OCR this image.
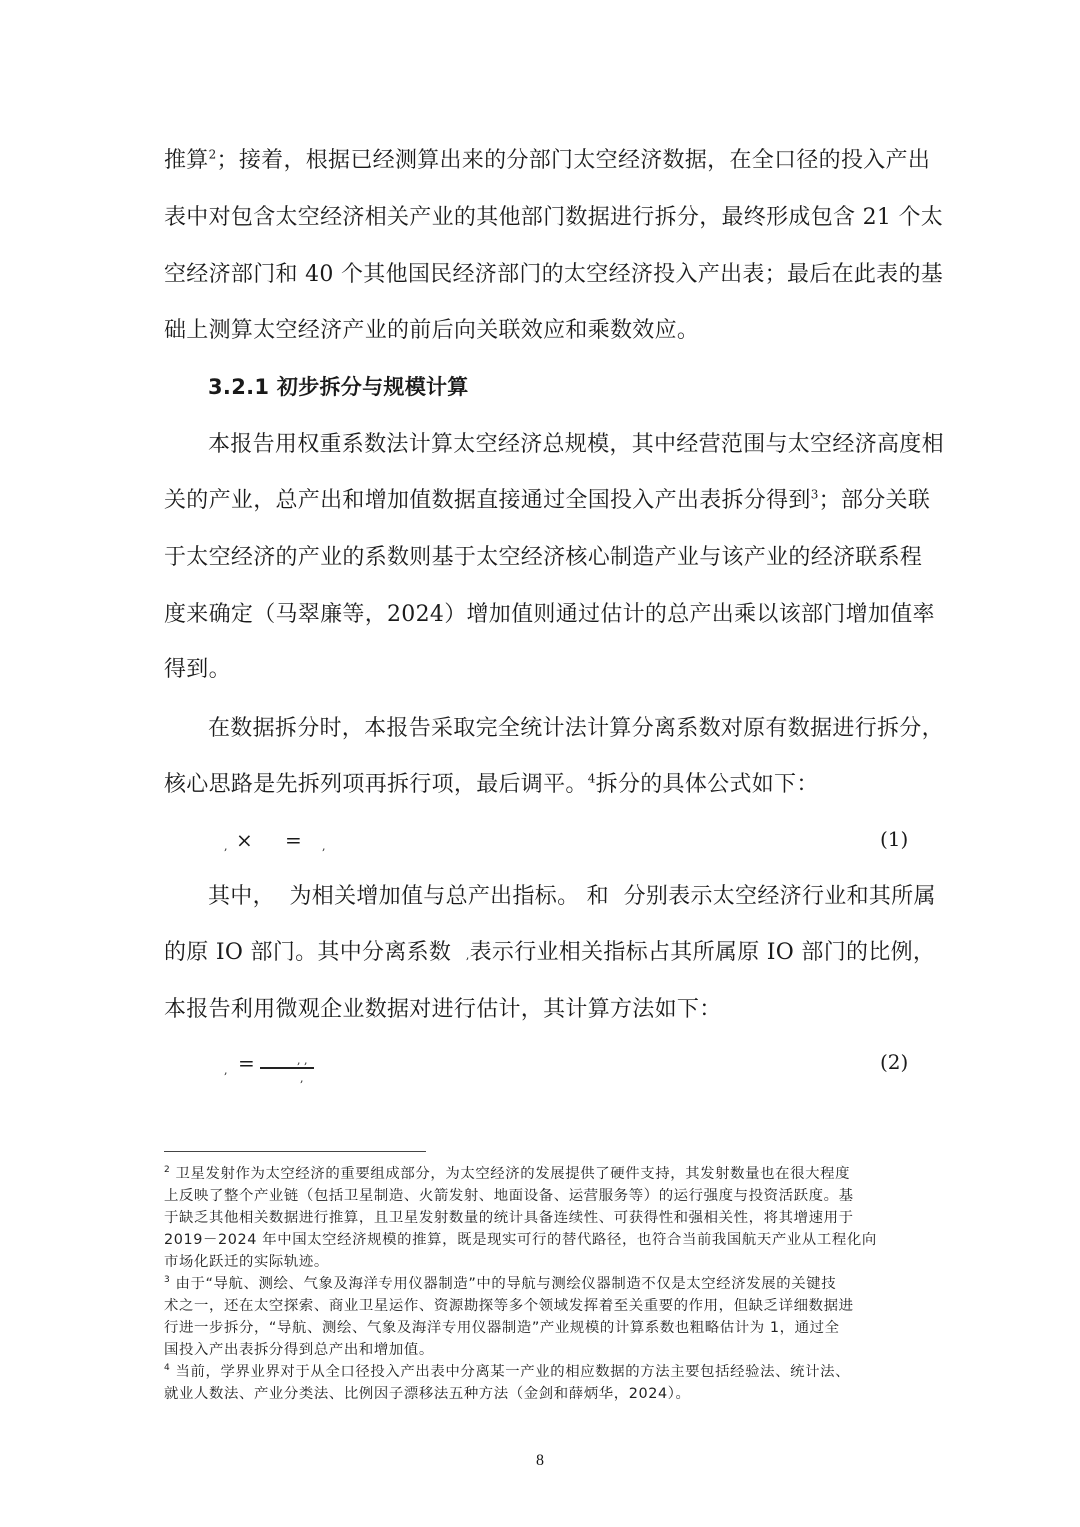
推算$^2$；接着，根据已经测算出来的分部门太空经济数据，在全口径的投入产出
表中对包含太空经济相关产业的其他部门数据进行拆分，最终形成包含 21 个太
空经济部门和 40 个其他国民经济部门的太空经济投入产出表；最后在此表的基
础上测算太空经济产业的前后向关联效应和乘数效应。
3.2.1 初步拆分与规模计算
本报告用权重系数法计算太空经济总规模，其中经营范围与太空经济高度相
关的产业，总产出和增加值数据直接通过全国投入产出表拆分得到$^3$；部分关联
于太空经济的产业的系数则基于太空经济核心制造产业与该产业的经济联系程
度来确定（马翠廉等，2024）增加值则通过估计的总产出乘以该部门增加值率
得到。
在数据拆分时，本报告采取完全统计法计算分离系数对原有数据进行拆分，
核心思路是先拆列项再拆行项，最后调平。$^4$拆分的具体公式如下：
, × = ,	(1)
其中，  为相关增加值与总产出指标。 和  分别表示太空经济行业和其所属
的原 IO 部门。其中分离系数  ,表示行业相关指标占其所属原 IO 部门的比例，
本报告利用微观企业数据对进行估计，其计算方法如下：
, =	, ,
,
(2)
$^2$ 卫星发射作为太空经济的重要组成部分，为太空经济的发展提供了硬件支持，其发射数量也在很大程度
上反映了整个产业链（包括卫星制造、火箭发射、地面设备、运营服务等）的运行强度与投资活跃度。基
于缺乏其他相关数据进行推算，且卫星发射数量的统计具备连续性、可获得性和强相关性，将其增速用于
2019－2024 年中国太空经济规模的推算，既是现实可行的替代路径，也符合当前我国航天产业从工程化向
市场化跃迁的实际轨迹。
$^3$ 由于“导航、测绘、气象及海洋专用仪器制造”中的导航与测绘仪器制造不仅是太空经济发展的关键技
术之一，还在太空探索、商业卫星运作、资源勘探等多个领域发挥着至关重要的作用，但缺乏详细数据进
行进一步拆分，“导航、测绘、气象及海洋专用仪器制造”产业规模的计算系数也粗略估计为 1，通过全
国投入产出表拆分得到总产出和增加值。
$^4$ 当前，学界业界对于从全口径投入产出表中分离某一产业的相应数据的方法主要包括经验法、统计法、
就业人数法、产业分类法、比例因子漂移法五种方法（金剑和薛炳华，2024）。
8
